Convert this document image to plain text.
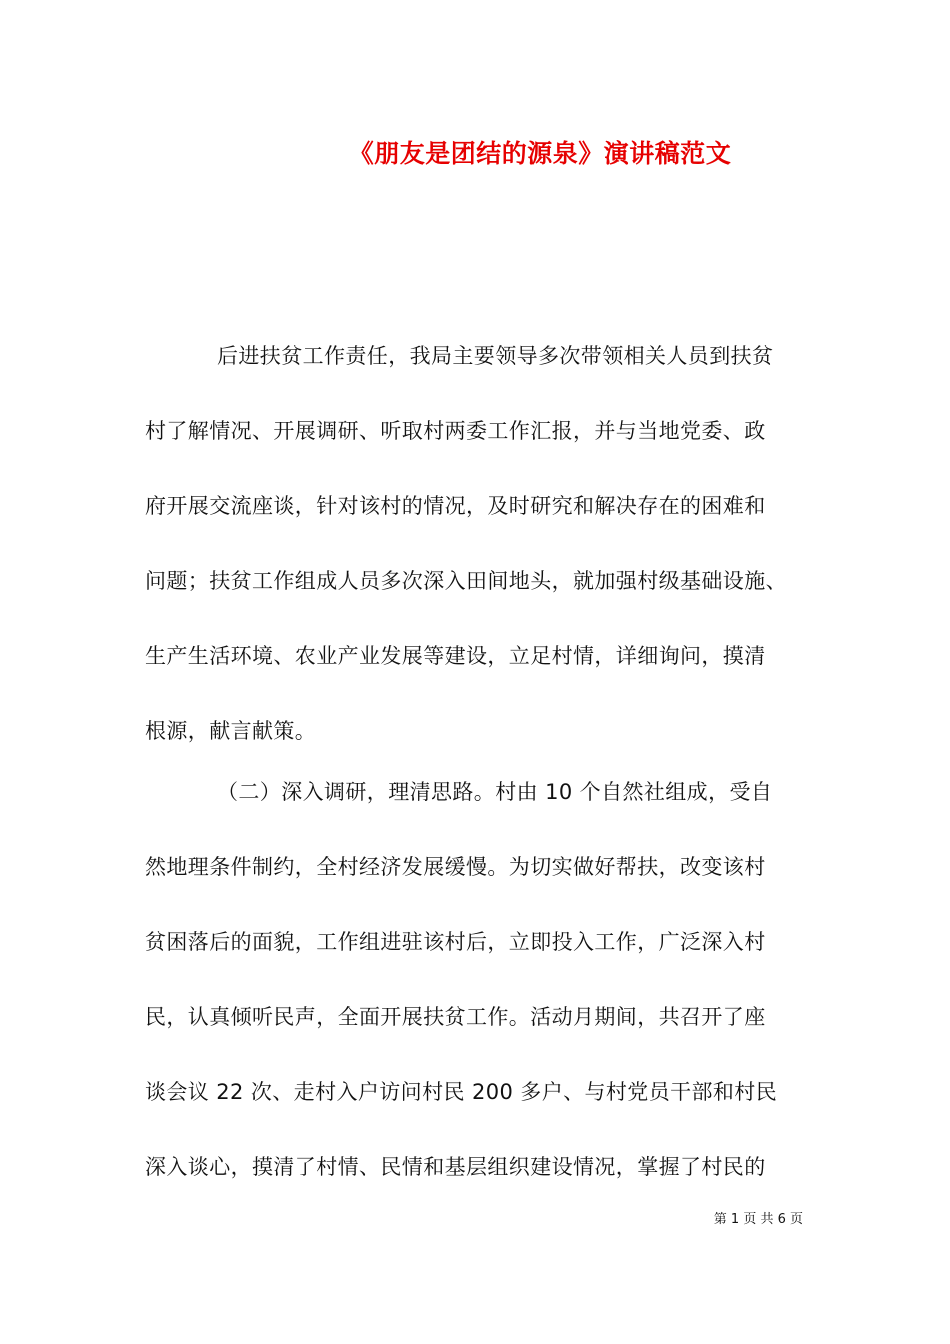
《朋友是团结的源泉》演讲稿范文
后进扶贫工作责任，我局主要领导多次带领相关人员到扶贫
村了解情况、开展调研、听取村两委工作汇报，并与当地党委、政
府开展交流座谈，针对该村的情况，及时研究和解决存在的困难和
问题；扶贫工作组成人员多次深入田间地头，就加强村级基础设施、
生产生活环境、农业产业发展等建设，立足村情，详细询问，摸清
根源，献言献策。
（二）深入调研，理清思路。村由 10 个自然社组成，受自
然地理条件制约，全村经济发展缓慢。为切实做好帮扶，改变该村
贫困落后的面貌，工作组进驻该村后，立即投入工作，广泛深入村
民，认真倾听民声，全面开展扶贫工作。活动月期间，共召开了座
谈会议 22 次、走村入户访问村民 200 多户、与村党员干部和村民
深入谈心，摸清了村情、民情和基层组织建设情况，掌握了村民的
第 1 页 共 6 页
